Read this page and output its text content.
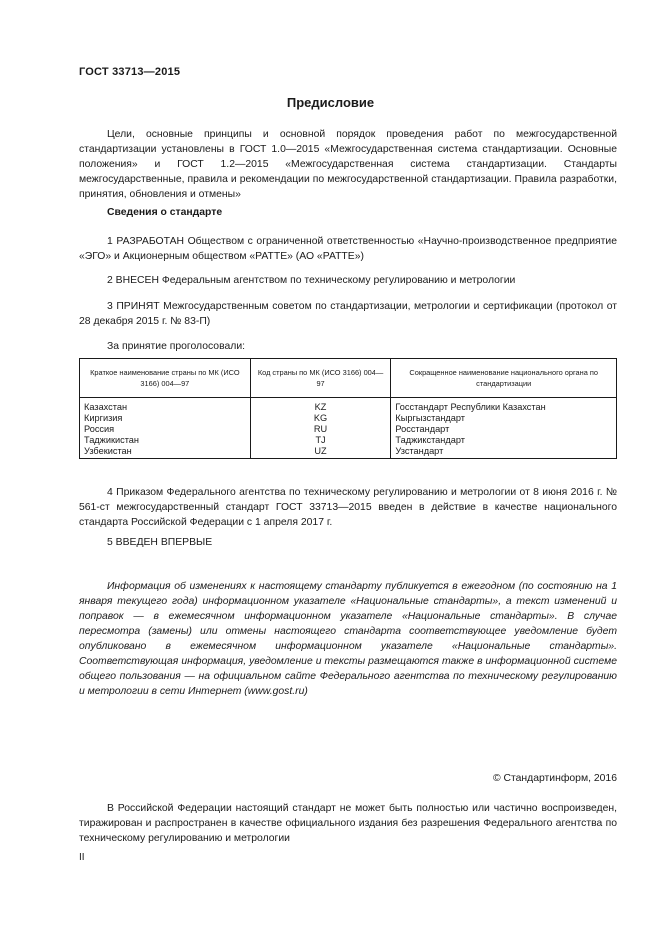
ГОСТ 33713—2015
Предисловие

Цели, основные принципы и основной порядок проведения работ по межгосударственной стандартизации установлены в ГОСТ 1.0—2015 «Межгосударственная система стандартизации. Основные положения» и ГОСТ 1.2—2015 «Межгосударственная система стандартизации. Стандарты межгосударственные, правила и рекомендации по межгосударственной стандартизации. Правила разработки, принятия, обновления и отмены»

Сведения о стандарте

1 РАЗРАБОТАН Обществом с ограниченной ответственностью «Научно-производственное предприятие «ЭГО» и Акционерным обществом «РАТТЕ» (АО «РАТТЕ»)

2 ВНЕСЕН Федеральным агентством по техническому регулированию и метрологии

3 ПРИНЯТ Межгосударственным советом по стандартизации, метрологии и сертификации (протокол от 28 декабря 2015 г. № 83-П)

За принятие проголосовали:
Краткое наименование страны по МК (ИСО 3166) 004—97	Код страны по МК (ИСО 3166) 004—97	Сокращенное наименование национального органа по стандартизации
Казахстан	KZ	Госстандарт Республики Казахстан
Киргизия	KG	Кыргызстандарт
Россия	RU	Росстандарт
Таджикистан	TJ	Таджикстандарт
Узбекистан	UZ	Узстандарт

4 Приказом Федерального агентства по техническому регулированию и метрологии от 8 июня 2016 г. № 561-ст межгосударственный стандарт ГОСТ 33713—2015 введен в действие в качестве национального стандарта Российской Федерации с 1 апреля 2017 г.

5 ВВЕДЕН ВПЕРВЫЕ

Информация об изменениях к настоящему стандарту публикуется в ежегодном (по состоянию на 1 января текущего года) информационном указателе «Национальные стандарты», а текст изменений и поправок — в ежемесячном информационном указателе «Национальные стандарты». В случае пересмотра (замены) или отмены настоящего стандарта соответствующее уведомление будет опубликовано в ежемесячном информационном указателе «Национальные стандарты». Соответствующая информация, уведомление и тексты размещаются также в информационной системе общего пользования — на официальном сайте Федерального агентства по техническому регулированию и метрологии в сети Интернет (www.gost.ru)

© Стандартинформ, 2016

В Российской Федерации настоящий стандарт не может быть полностью или частично воспроизведен, тиражирован и распространен в качестве официального издания без разрешения Федерального агентства по техническому регулированию и метрологии

II
